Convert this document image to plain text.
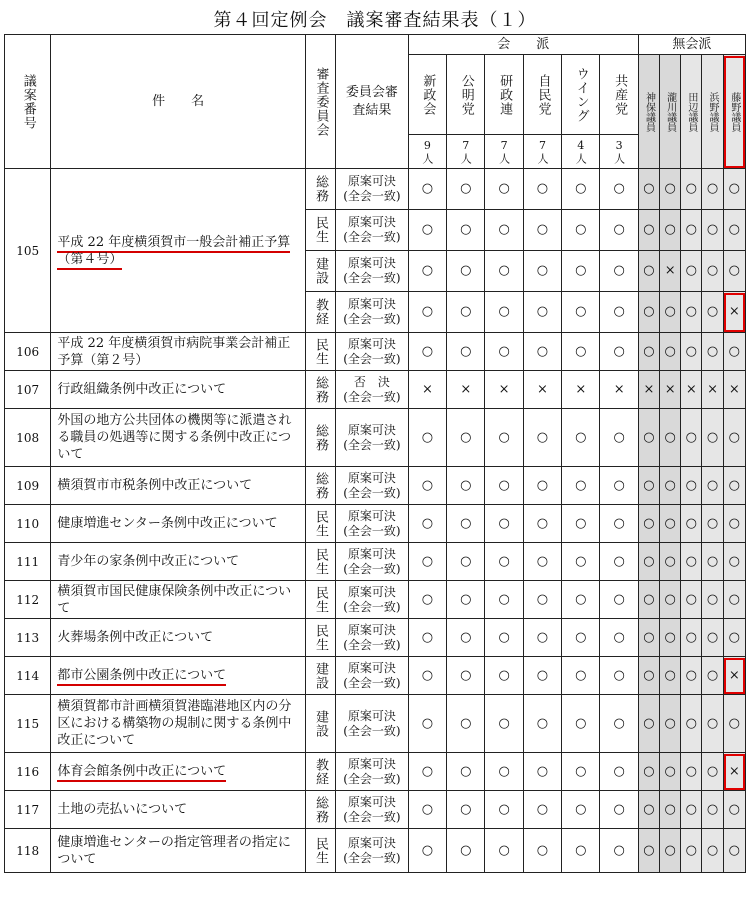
第４回定例会　議案審査結果表（１）
議案番号	件　　名	審査委員会	委員会審査結果	会　　派						無会派				

				新政会	公明党	研政連	自民党	ウイング	共産党	神保議員	瀧川議員	田辺議員	浜野議員	藤野議員

				9人	7人	7人	7人	4人	3人					

105	平成 22 年度横須賀市一般会計補正予算（第４号）	総務	原案可決
(全会一致)	○	○	○	○	○	○	○	○	○	○	○

		民生	原案可決
(全会一致)	○	○	○	○	○	○	○	○	○	○	○

		建設	原案可決
(全会一致)	○	○	○	○	○	○	○	×	○	○	○

		教経	原案可決
(全会一致)	○	○	○	○	○	○	○	○	○	○	×
106	平成 22 年度横須賀市病院事業会計補正予算（第２号）	民生	原案可決
(全会一致)	○	○	○	○	○	○	○	○	○	○	○
107	行政組織条例中改正について	総務	否　決
(全会一致)	×	×	×	×	×	×	×	×	×	×	×
108	外国の地方公共団体の機関等に派遣される職員の処遇等に関する条例中改正について	総務	原案可決
(全会一致)	○	○	○	○	○	○	○	○	○	○	○
109	横須賀市市税条例中改正について	総務	原案可決
(全会一致)	○	○	○	○	○	○	○	○	○	○	○
110	健康増進センター条例中改正について	民生	原案可決
(全会一致)	○	○	○	○	○	○	○	○	○	○	○
111	青少年の家条例中改正について	民生	原案可決
(全会一致)	○	○	○	○	○	○	○	○	○	○	○
112	横須賀市国民健康保険条例中改正について	民生	原案可決
(全会一致)	○	○	○	○	○	○	○	○	○	○	○
113	火葬場条例中改正について	民生	原案可決
(全会一致)	○	○	○	○	○	○	○	○	○	○	○
114	都市公園条例中改正について	建設	原案可決
(全会一致)	○	○	○	○	○	○	○	○	○	○	×
115	横須賀都市計画横須賀港臨港地区内の分区における構築物の規制に関する条例中改正について	建設	原案可決
(全会一致)	○	○	○	○	○	○	○	○	○	○	○
116	体育会館条例中改正について	教経	原案可決
(全会一致)	○	○	○	○	○	○	○	○	○	○	×
117	土地の売払いについて	総務	原案可決
(全会一致)	○	○	○	○	○	○	○	○	○	○	○
118	健康増進センターの指定管理者の指定について	民生	原案可決
(全会一致)	○	○	○	○	○	○	○	○	○	○	○
